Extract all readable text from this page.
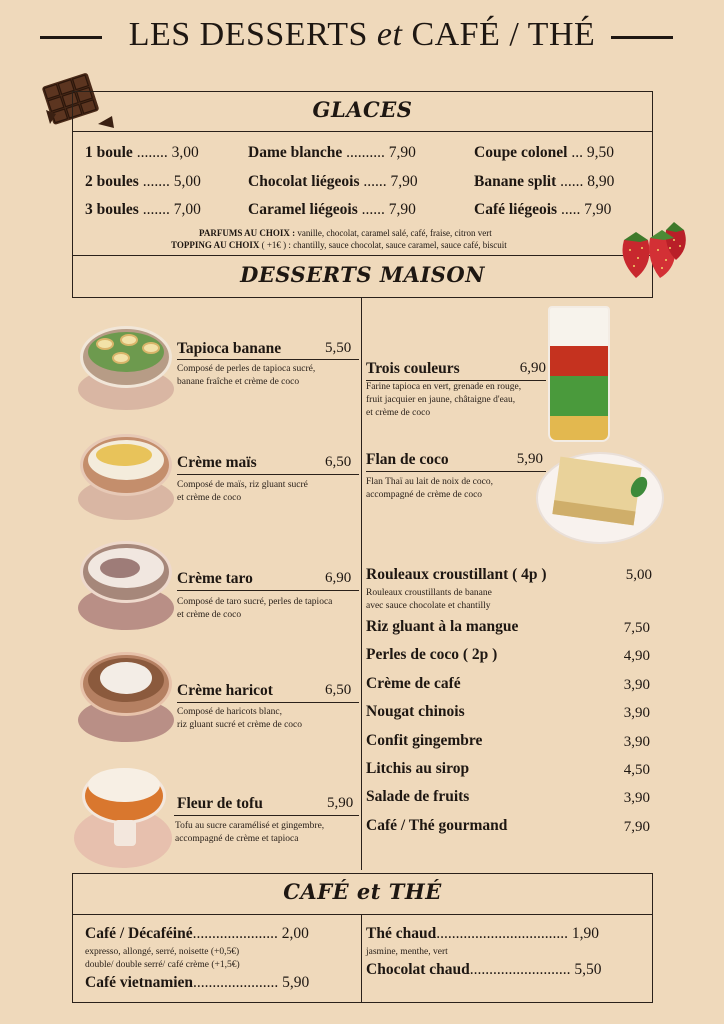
LES DESSERTS et CAFÉ / THÉ
GLACES
1 boule ........ 3,00
2 boules ....... 5,00
3 boules ....... 7,00
Dame blanche .......... 7,90
Chocolat liégeois ...... 7,90
Caramel liégeois ...... 7,90
Coupe colonel ... 9,50
Banane split ...... 8,90
Café liégeois ..... 7,90
PARFUMS AU CHOIX : vanille, chocolat, caramel salé, café, fraise, citron vert
TOPPING AU CHOIX ( +1€ ) : chantilly, sauce chocolat, sauce caramel, sauce café, biscuit
DESSERTS MAISON
Tapioca banane	5,50
Composé de perles de tapioca sucré,
banane fraîche et crème de coco
Crème maïs	6,50
Composé de maïs, riz gluant sucré
et crème de coco
Crème taro	6,90
Composé de taro sucré, perles de tapioca
et crème de coco
Crème haricot	6,50
Composé de haricots blanc,
riz gluant sucré et crème de coco
Fleur de tofu	5,90
Tofu au sucre caramélisé et gingembre,
accompagné de crème et tapioca
Trois couleurs	6,90
Farine tapioca en vert, grenade en rouge,
fruit jacquier en jaune, châtaigne d'eau,
et crème de coco
Flan de coco	5,90
Flan Thaï au lait de noix de coco,
accompagné de crème de coco
Rouleaux croustillant ( 4p )	5,00
Rouleaux croustillants de banane
avec sauce chocolate et chantilly
Riz gluant à la mangue	7,50
Perles de coco ( 2p )	4,90
Crème de café	3,90
Nougat chinois	3,90
Confit gingembre	3,90
Litchis au sirop	4,50
Salade de fruits	3,90
Café / Thé gourmand	7,90
CAFÉ et THÉ
Café / Décaféiné...................... 2,00
expresso, allongé, serré, noisette (+0,5€)
double/ double serré/ café crème (+1,5€)
Café vietnamien...................... 5,90
Thé chaud.................................. 1,90
jasmine, menthe, vert
Chocolat chaud.......................... 5,50
